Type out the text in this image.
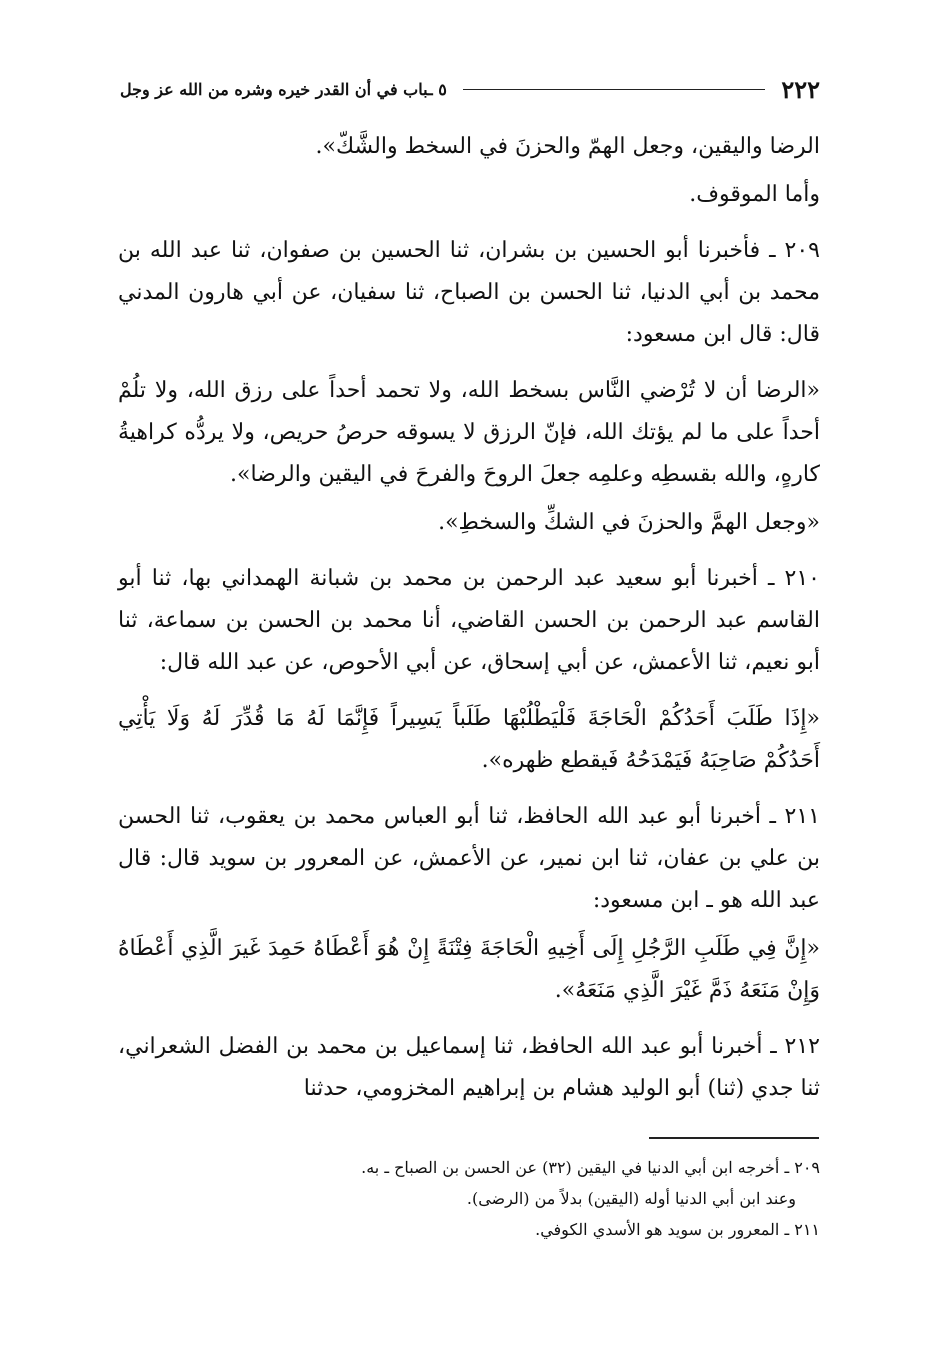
٢٢٢
٥ ـباب في أن القدر خيره وشره من الله عز وجل

الرضا واليقين، وجعل الهمّ والحزنَ في السخط والشَّكّ».

وأما الموقوف.

٢٠٩ ـ فأخبرنا أبو الحسين بن بشران، ثنا الحسين بن صفوان، ثنا عبد الله بن محمد بن أبي الدنيا، ثنا الحسن بن الصباح، ثنا سفيان، عن أبي هارون المدني قال: قال ابن مسعود:

«الرضا أن لا تُرْضي النَّاس بسخط الله، ولا تحمد أحداً على رزق الله، ولا تلُمْ أحداً على ما لم يؤتك الله، فإنّ الرزق لا يسوقه حرصُ حريص، ولا يردُّه كراهيةُ كارهٍ، والله بقسطِه وعلمِه جعلَ الروحَ والفرحَ في اليقين والرضا».

«وجعل الهمَّ والحزنَ في الشكِّ والسخطِ».

٢١٠ ـ أخبرنا أبو سعيد عبد الرحمن بن محمد بن شبانة الهمداني بها، ثنا أبو القاسم عبد الرحمن بن الحسن القاضي، أنا محمد بن الحسن بن سماعة، ثنا أبو نعيم، ثنا الأعمش، عن أبي إسحاق، عن أبي الأحوص، عن عبد الله قال:

«إِذَا طَلَبَ أَحَدُكُمْ الْحَاجَةَ فَلْيَطْلُبْهَا طَلَباً يَسِيراً فَإِنَّمَا لَهُ مَا قُدِّرَ لَهُ وَلَا يَأْتِي أَحَدُكُمْ صَاحِبَهُ فَيَمْدَحُهُ فَيقطع ظهره».

٢١١ ـ أخبرنا أبو عبد الله الحافظ، ثنا أبو العباس محمد بن يعقوب، ثنا الحسن بن علي بن عفان، ثنا ابن نمير، عن الأعمش، عن المعرور بن سويد قال: قال عبد الله هو ـ ابن مسعود:

«إِنَّ فِي طَلَبِ الرَّجُلِ إِلَى أَخِيهِ الْحَاجَةَ فِتْنَةً إِنْ هُوَ أَعْطَاهُ حَمِدَ غَيرَ الَّذِي أَعْطَاهُ وَإِنْ مَنَعَهُ ذَمَّ غَيْرَ الَّذِي مَنَعَهُ».

٢١٢ ـ أخبرنا أبو عبد الله الحافظ، ثنا إسماعيل بن محمد بن الفضل الشعراني، ثنا جدي (ثنا) أبو الوليد هشام بن إبراهيم المخزومي، حدثنا

٢٠٩ ـ أخرجه ابن أبي الدنيا في اليقين (٣٢) عن الحسن بن الصباح ـ به.

وعند ابن أبي الدنيا أوله (اليقين) بدلاً من (الرضى).

٢١١ ـ المعرور بن سويد هو الأسدي الكوفي.
